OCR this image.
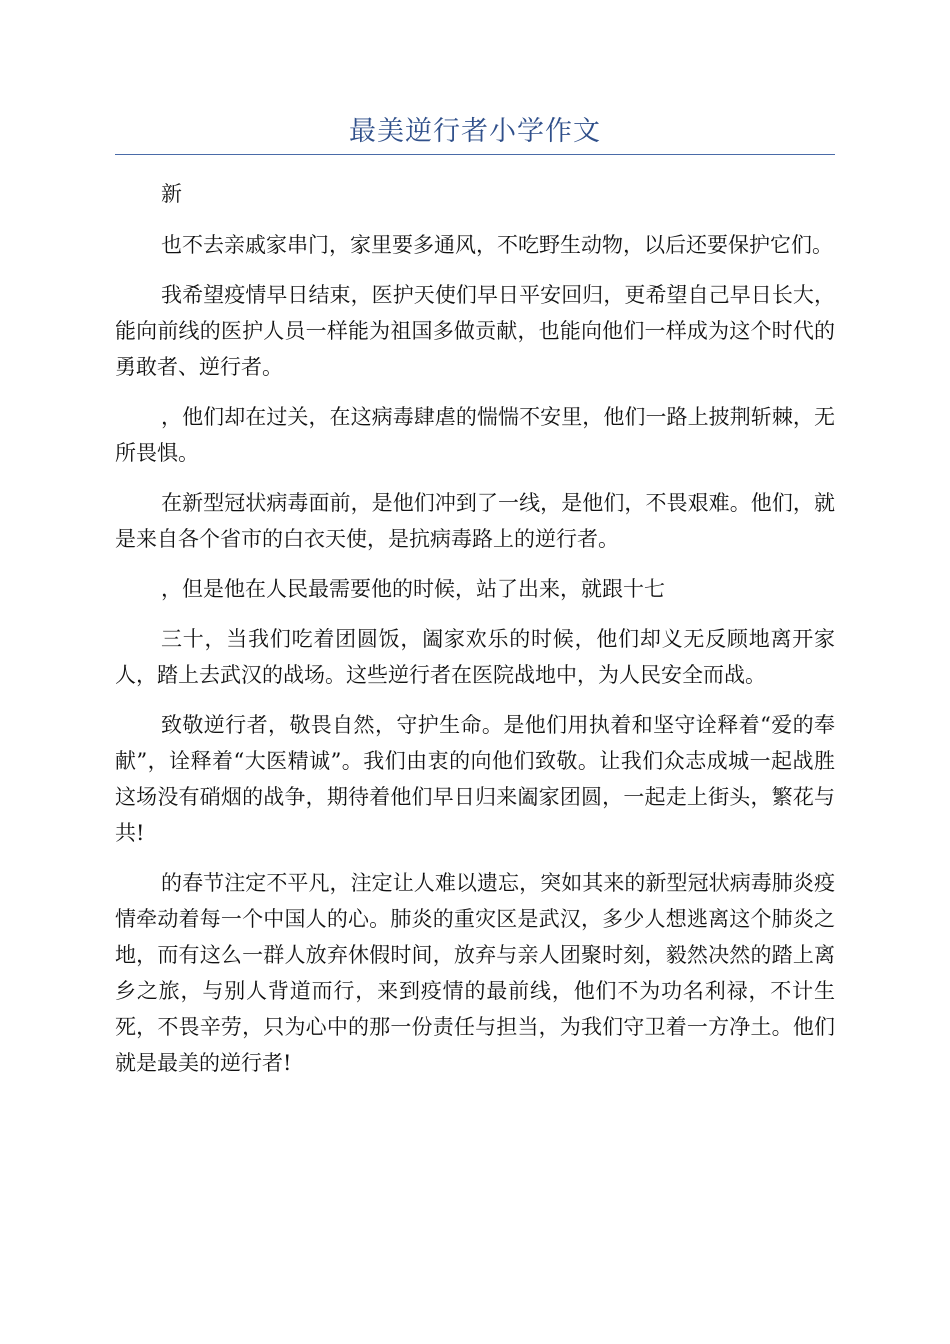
最美逆行者小学作文

新

也不去亲戚家串门，家里要多通风，不吃野生动物，以后还要保护它们。

我希望疫情早日结束，医护天使们早日平安回归，更希望自己早日长大，能向前线的医护人员一样能为祖国多做贡献，也能向他们一样成为这个时代的勇敢者、逆行者。

，他们却在过关，在这病毒肆虐的惴惴不安里，他们一路上披荆斩棘，无所畏惧。

在新型冠状病毒面前，是他们冲到了一线，是他们，不畏艰难。他们，就是来自各个省市的白衣天使，是抗病毒路上的逆行者。

，但是他在人民最需要他的时候，站了出来，就跟十七

三十，当我们吃着团圆饭，阖家欢乐的时候，他们却义无反顾地离开家人，踏上去武汉的战场。这些逆行者在医院战地中，为人民安全而战。

致敬逆行者，敬畏自然，守护生命。是他们用执着和坚守诠释着“爱的奉献”，诠释着“大医精诚”。我们由衷的向他们致敬。让我们众志成城一起战胜这场没有硝烟的战争，期待着他们早日归来阖家团圆，一起走上街头，繁花与共!

的春节注定不平凡，注定让人难以遗忘，突如其来的新型冠状病毒肺炎疫情牵动着每一个中国人的心。肺炎的重灾区是武汉，多少人想逃离这个肺炎之地，而有这么一群人放弃休假时间，放弃与亲人团聚时刻，毅然决然的踏上离乡之旅，与别人背道而行，来到疫情的最前线，他们不为功名利禄，不计生死，不畏辛劳，只为心中的那一份责任与担当，为我们守卫着一方净土。他们就是最美的逆行者!
